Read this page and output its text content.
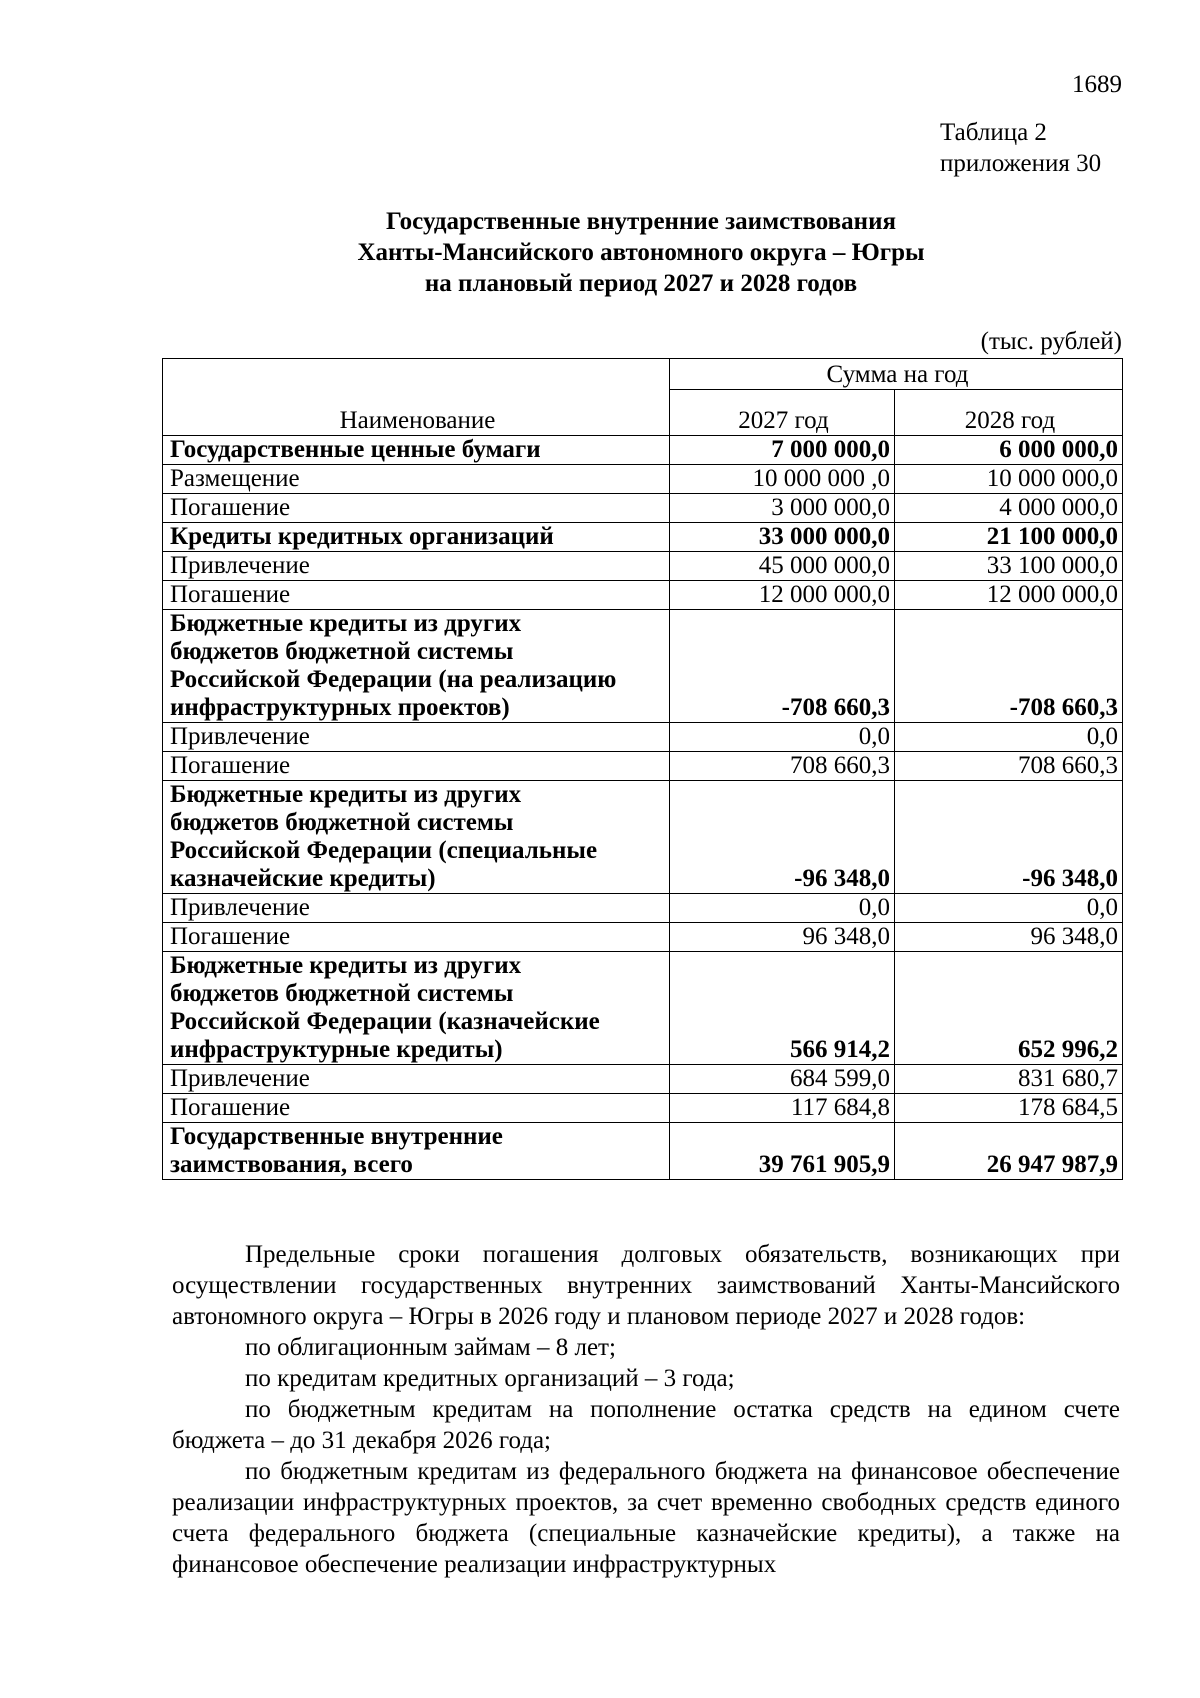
1689
Таблица 2
приложения 30
Государственные внутренние заимствования
Ханты-Мансийского автономного округа – Югры
на плановый период 2027 и 2028 годов
(тыс. рублей)
Наименование	Сумма на год	
	2027 год	2028 год
Государственные ценные бумаги	7 000 000,0	6 000 000,0
Размещение	10 000 000 ,0	10 000 000,0
Погашение	3 000 000,0	4 000 000,0
Кредиты кредитных организаций	33 000 000,0	21 100 000,0
Привлечение	45 000 000,0	33 100 000,0
Погашение	12 000 000,0	12 000 000,0

Бюджетные кредиты из других
бюджетов бюджетной системы
Российской Федерации (на реализацию
инфраструктурных проектов)	-708 660,3	-708 660,3
Привлечение	0,0	0,0
Погашение	708 660,3	708 660,3

Бюджетные кредиты из других
бюджетов бюджетной системы
Российской Федерации (специальные
казначейские кредиты)	-96 348,0	-96 348,0
Привлечение	0,0	0,0
Погашение	96 348,0	96 348,0

Бюджетные кредиты из других
бюджетов бюджетной системы
Российской Федерации (казначейские
инфраструктурные кредиты)	566 914,2	652 996,2
Привлечение	684 599,0	831 680,7
Погашение	117 684,8	178 684,5

Государственные внутренние
заимствования, всего	39 761 905,9	26 947 987,9

Предельные сроки погашения долговых обязательств, возникающих при осуществлении государственных внутренних заимствований Ханты-Мансийского автономного округа – Югры в 2026 году и плановом периоде 2027 и 2028 годов:

по облигационным займам – 8 лет;

по кредитам кредитных организаций – 3 года;

по бюджетным кредитам на пополнение остатка средств на едином счете бюджета – до 31 декабря 2026 года;

по бюджетным кредитам из федерального бюджета на финансовое обеспечение реализации инфраструктурных проектов, за счет временно свободных средств единого счета федерального бюджета (специальные казначейские кредиты), а также на финансовое обеспечение реализации инфраструктурных
